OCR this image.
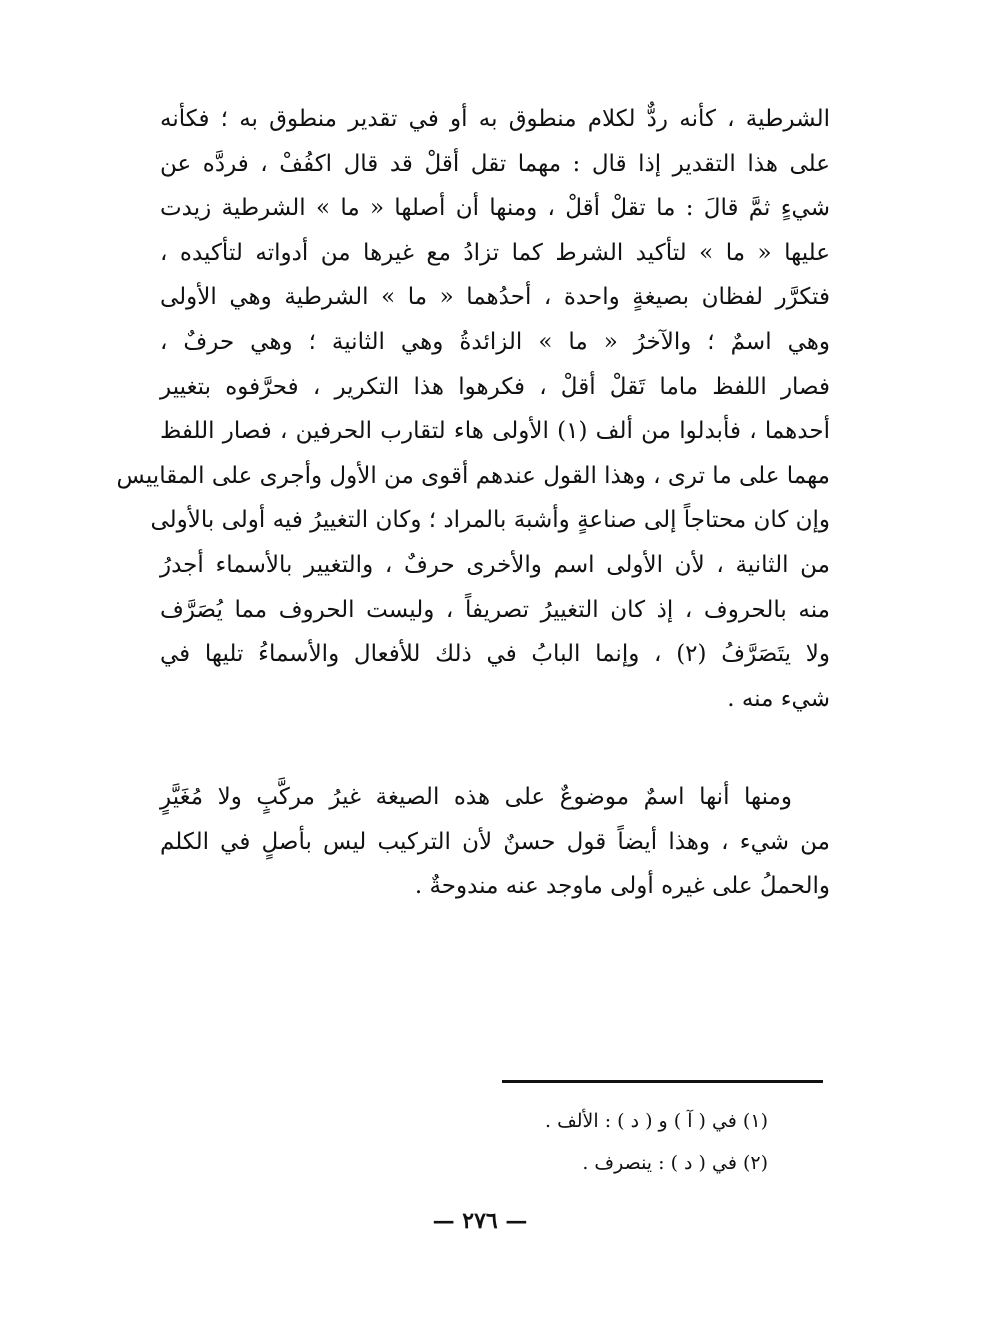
الشرطية ، كأنه ردٌّ لكلام منطوق به أو في تقدير منطوق به ؛ فكأنه
على هذا التقدير إذا قال : مهما تقل أقلْ قد قال اكفُفْ ، فردَّه عن
شيءٍ ثمَّ قالَ : ما تقلْ أقلْ ، ومنها أن أصلها « ما » الشرطية زيدت
عليها « ما » لتأكيد الشرط كما تزادُ مع غيرها من أدواته لتأكيده ،
فتكرَّر لفظان بصيغةٍ واحدة ، أحدُهما « ما » الشرطية وهي الأولى
وهي اسمٌ ؛ والآخرُ « ما » الزائدةُ وهي الثانية ؛ وهي حرفٌ ،
فصار اللفظ ماما تَقلْ أقلْ ، فكرهوا هذا التكرير ، فحرَّفوه بتغيير
أحدهما ، فأبدلوا من ألف (١) الأولى هاء لتقارب الحرفين ، فصار اللفظ
مهما على ما ترى ، وهذا القول عندهم أقوى من الأول وأجرى على المقاييس
وإن كان محتاجاً إلى صناعةٍ وأشبهَ بالمراد ؛ وكان التغييرُ فيه أولى بالأولى
من الثانية ، لأن الأولى اسم والأخرى حرفٌ ، والتغيير بالأسماء أجدرُ
منه بالحروف ، إذ كان التغييرُ تصريفاً ، وليست الحروف مما يُصَرَّف
ولا يتَصَرَّفُ (٢) ، وإنما البابُ في ذلك للأفعال والأسماءُ تليها في
شيء منه .
ومنها أنها اسمٌ موضوعٌ على هذه الصيغة غيرُ مركَّبٍ ولا مُغَيَّرٍ
من شيء ، وهذا أيضاً قول حسنٌ لأن التركيب ليس بأصلٍ في الكلم
والحملُ على غيره أولى ماوجد عنه مندوحةٌ .
(١) في ( آ ) و ( د ) : الألف .
(٢) في ( د ) : ينصرف .
— ٢٧٦ —
